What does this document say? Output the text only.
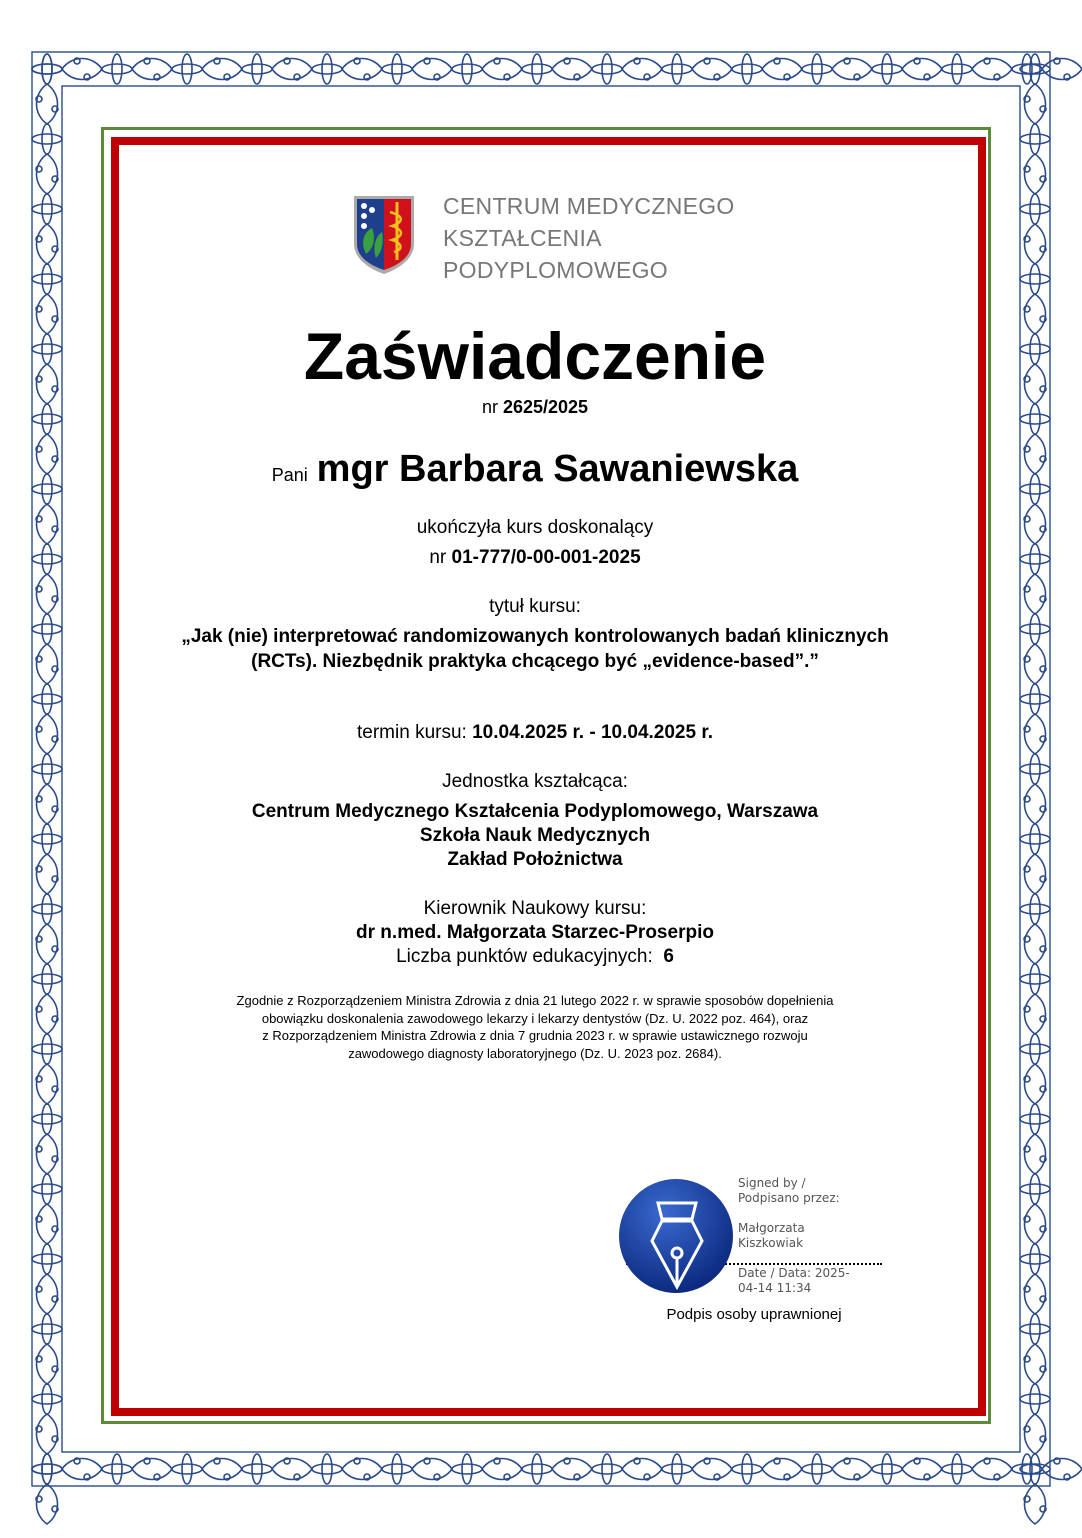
CENTRUM MEDYCZNEGO
KSZTAŁCENIA
PODYPLOMOWEGO
Zaświadczenie
nr 2625/2025
Pani mgr Barbara Sawaniewska
ukończyła kurs doskonalący
nr 01-777/0-00-001-2025
tytuł kursu:
„Jak (nie) interpretować randomizowanych kontrolowanych badań klinicznych
(RCTs). Niezbędnik praktyka chcącego być „evidence-based”.”
termin kursu: 10.04.2025 r. - 10.04.2025 r.
Jednostka kształcąca:
Centrum Medycznego Kształcenia Podyplomowego, Warszawa
Szkoła Nauk Medycznych
Zakład Położnictwa
Kierownik Naukowy kursu:
dr n.med. Małgorzata Starzec-Proserpio
Liczba punktów edukacyjnych: 6
Zgodnie z Rozporządzeniem Ministra Zdrowia z dnia 21 lutego 2022 r. w sprawie sposobów dopełnienia
obowiązku doskonalenia zawodowego lekarzy i lekarzy dentystów (Dz. U. 2022 poz. 464), oraz
z Rozporządzeniem Ministra Zdrowia z dnia 7 grudnia 2023 r. w sprawie ustawicznego rozwoju
zawodowego diagnosty laboratoryjnego (Dz. U. 2023 poz. 2684).
Podpis osoby uprawnionej
Signed by /
Podpisano przez:
Małgorzata
Kiszkowiak
Date / Data: 2025-
04-14 11:34
